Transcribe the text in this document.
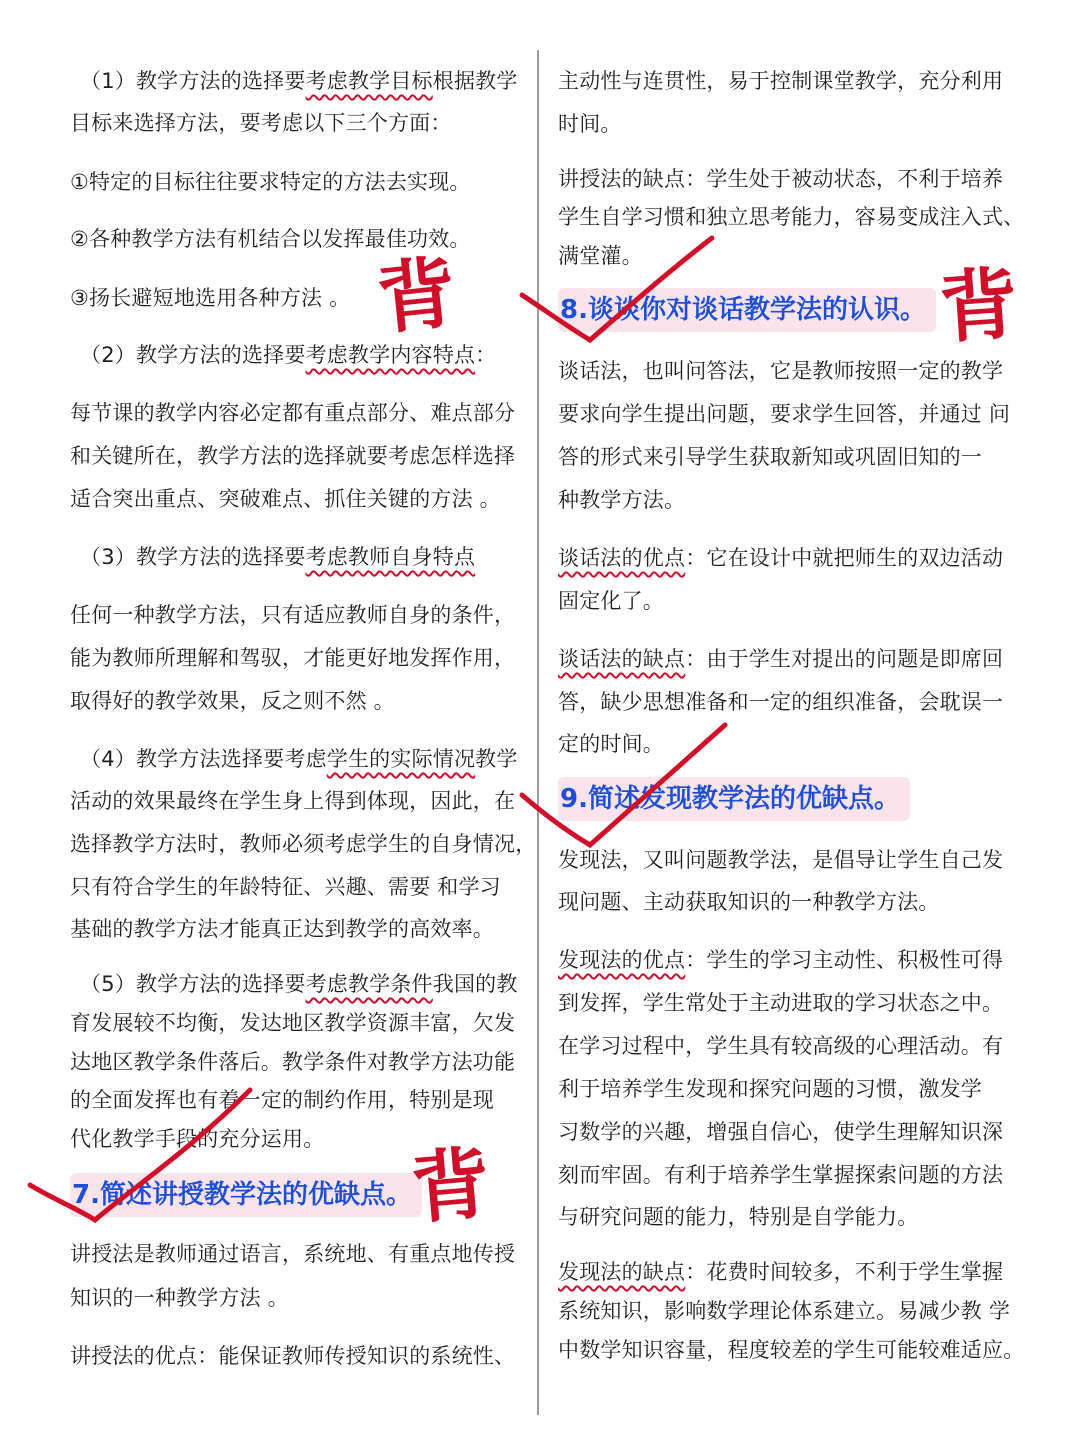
（1）教学方法的选择要考虑教学目标根据教学
目标来选择方法，要考虑以下三个方面：
①特定的目标往往要求特定的方法去实现。
②各种教学方法有机结合以发挥最佳功效。
③扬长避短地选用各种方法 。
（2）教学方法的选择要考虑教学内容特点：
每节课的教学内容必定都有重点部分、难点部分
和关键所在，教学方法的选择就要考虑怎样选择
适合突出重点、突破难点、抓住关键的方法 。
（3）教学方法的选择要考虑教师自身特点
任何一种教学方法，只有适应教师自身的条件，
能为教师所理解和驾驭，才能更好地发挥作用，
取得好的教学效果，反之则不然 。
（4）教学方法选择要考虑学生的实际情况教学
活动的效果最终在学生身上得到体现，因此，在
选择教学方法时，教师必须考虑学生的自身情况，
只有符合学生的年龄特征、兴趣、需要 和学习
基础的教学方法才能真正达到教学的高效率。
（5）教学方法的选择要考虑教学条件我国的教
育发展较不均衡，发达地区教学资源丰富，欠发
达地区教学条件落后。教学条件对教学方法功能
的全面发挥也有着一定的制约作用，特别是现
代化教学手段的充分运用。
7.简述讲授教学法的优缺点。
讲授法是教师通过语言，系统地、有重点地传授
知识的一种教学方法 。
讲授法的优点：能保证教师传授知识的系统性、
主动性与连贯性，易于控制课堂教学，充分利用
时间。
讲授法的缺点：学生处于被动状态，不利于培养
学生自学习惯和独立思考能力，容易变成注入式、
满堂灌。
8.谈谈你对谈话教学法的认识。
谈话法，也叫问答法，它是教师按照一定的教学
要求向学生提出问题，要求学生回答，并通过 问
答的形式来引导学生获取新知或巩固旧知的一
种教学方法。
谈话法的优点：它在设计中就把师生的双边活动
固定化了。
谈话法的缺点：由于学生对提出的问题是即席回
答，缺少思想准备和一定的组织准备，会耽误一
定的时间。
9.简述发现教学法的优缺点。
发现法，又叫问题教学法，是倡导让学生自己发
现问题、主动获取知识的一种教学方法。
发现法的优点：学生的学习主动性、积极性可得
到发挥，学生常处于主动进取的学习状态之中。
在学习过程中，学生具有较高级的心理活动。有
利于培养学生发现和探究问题的习惯，激发学
习数学的兴趣，增强自信心，使学生理解知识深
刻而牢固。有利于培养学生掌握探索问题的方法
与研究问题的能力，特别是自学能力。
发现法的缺点：花费时间较多，不利于学生掌握
系统知识，影响数学理论体系建立。易减少教 学
中数学知识容量，程度较差的学生可能较难适应。
背	背
背
